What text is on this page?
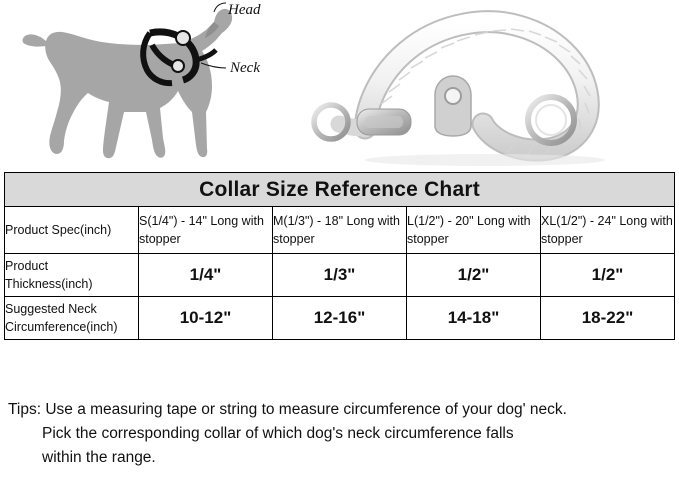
Head
Neck
Collar Size Reference Chart				
Product Spec(inch)	S(1/4") - 14" Long with stopper	M(1/3") - 18" Long with stopper	L(1/2") - 20" Long with stopper	XL(1/2") - 24" Long with stopper
Product Thickness(inch)	1/4"	1/3"	1/2"	1/2"
Suggested Neck Circumference(inch)	10-12"	12-16"	14-18"	18-22"

Tips: Use a measuring tape or string to measure circumference of your dog' neck.

Pick the corresponding collar of which dog's neck circumference falls

within the range.
